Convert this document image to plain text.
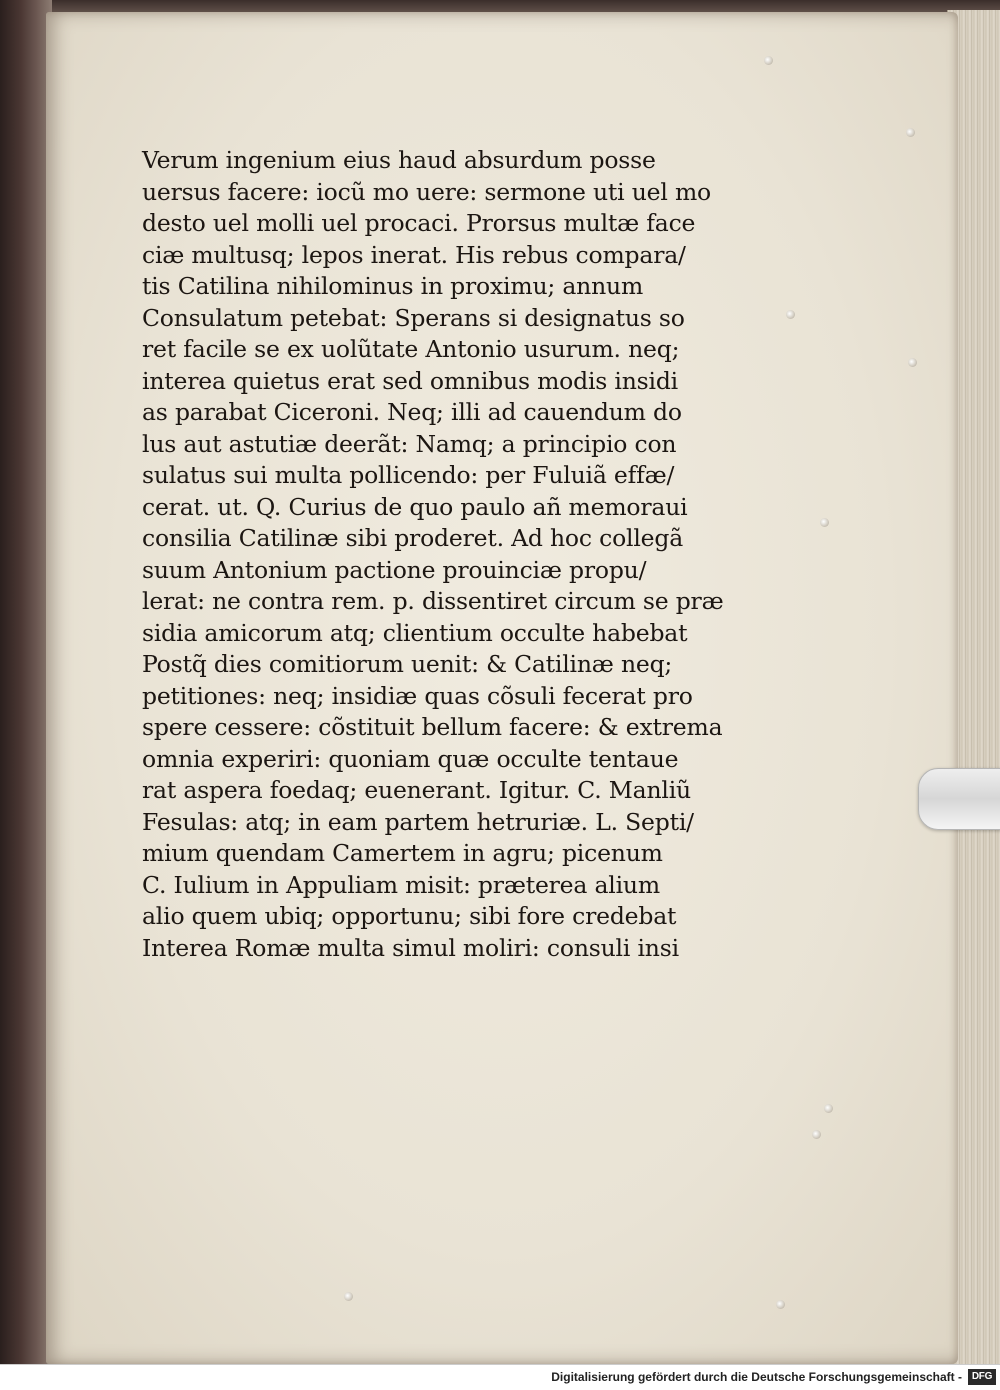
Verum ingenium eius haud absurdum posse
uersus facere: iocũ mo uere: sermone uti uel mo
desto uel molli uel procaci. Prorsus multæ face
ciæ multusq; lepos inerat. His rebus compara/
tis Catilina nihilominus in proximu; annum
Consulatum petebat: Sperans si designatus so
ret facile se ex uolũtate Antonio usurum. neq;
interea quietus erat sed omnibus modis insidi
as parabat Ciceroni. Neq; illi ad cauendum do
lus aut astutiæ deerãt: Namq; a principio con
sulatus sui multa pollicendo: per Fuluiã effæ/
cerat. ut. Q. Curius de quo paulo añ memoraui
consilia Catilinæ sibi proderet. Ad hoc collegã
suum Antonium pactione prouinciæ propu/
lerat: ne contra rem. p. dissentiret circum se præ
sidia amicorum atq; clientium occulte habebat
Postq̃ dies comitiorum uenit: & Catilinæ neq;
petitiones: neq; insidiæ quas cõsuli fecerat pro
spere cessere: cõstituit bellum facere: & extrema
omnia experiri: quoniam quæ occulte tentaue
rat aspera foedaq; euenerant. Igitur. C. Manliũ
Fesulas: atq; in eam partem hetruriæ. L. Septi/
mium quendam Camertem in agru; picenum
C. Iulium in Appuliam misit: præterea alium
alio quem ubiq; opportunu; sibi fore credebat
Interea Romæ multa simul moliri: consuli insi
Digitalisierung gefördert durch die Deutsche Forschungsgemeinschaft - DFG
